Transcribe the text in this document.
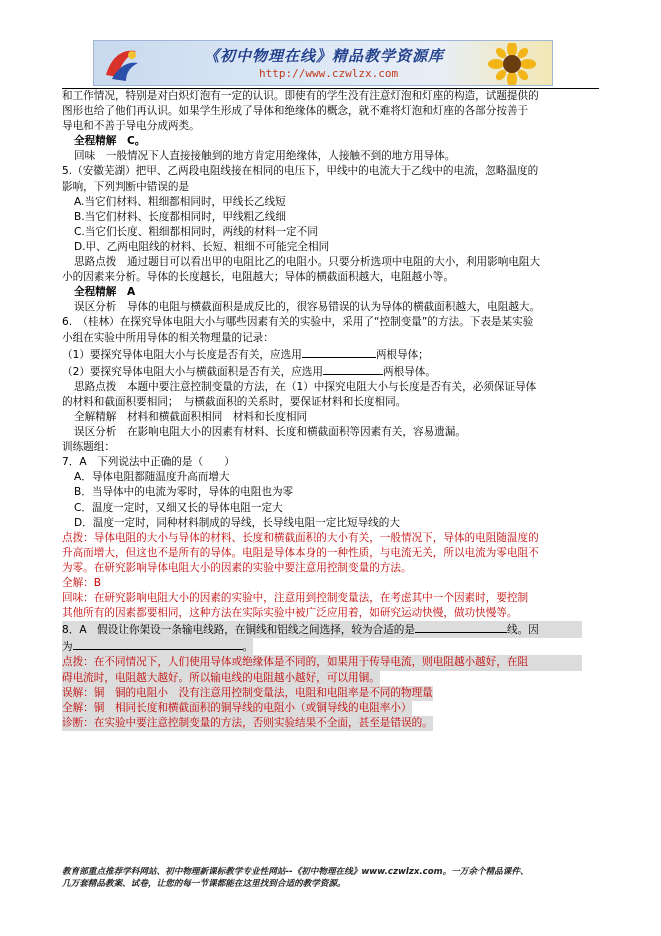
《初中物理在线》精品教学资源库
http://www.czwlzx.com

和工作情况，特别是对白炽灯泡有一定的认识。即使有的学生没有注意灯泡和灯座的构造，试题提供的

图形也给了他们再认识。如果学生形成了导体和绝缘体的概念，就不难将灯泡和灯座的各部分按善于

导电和不善于导电分成两类。

全程精解　C。

回味　一般情况下人直接接触到的地方肯定用绝缘体，人接触不到的地方用导体。

5.（安徽芜湖）把甲、乙两段电阻线接在相同的电压下，甲线中的电流大于乙线中的电流，忽略温度的

影响，下列判断中错误的是

A.当它们材料、粗细都相同时，甲线长乙线短

B.当它们材料、长度都相同时，甲线粗乙线细

C.当它们长度、粗细都相同时，两线的材料一定不同

D.甲、乙两电阻线的材料、长短、粗细不可能完全相同

思路点拨　通过题目可以看出甲的电阻比乙的电阻小。只要分析选项中电阻的大小，利用影响电阻大

小的因素来分析。导体的长度越长，电阻越大；导体的横截面积越大，电阻越小等。

全程精解　A

误区分析　导体的电阻与横截面积是成反比的，很容易错误的认为导体的横截面积越大，电阻越大。

6.　（桂林）在探究导体电阻大小与哪些因素有关的实验中，采用了“控制变量”的方法。下表是某实验

小组在实验中所用导体的相关物理量的记录：

（1）要探究导体电阻大小与长度是否有关，应选用	两根导体；

（2）要探究导体电阻大小与横截面积是否有关，应选用	两根导体。

思路点拨　本题中要注意控制变量的方法，在（1）中探究电阻大小与长度是否有关，必须保证导体

的材料和截面积要相同；　与横截面积的关系时，要保证材料和长度相同。

全解精解　材料和横截面积相同　材料和长度相同

误区分析　在影响电阻大小的因素有材料、长度和横截面积等因素有关，容易遗漏。

训练题组：

7．A　下列说法中正确的是（　　）

A．导体电阻都随温度升高而增大

B．当导体中的电流为零时，导体的电阻也为零

C．温度一定时，又细又长的导体电阻一定大

D．温度一定时，同种材料制成的导线，长导线电阻一定比短导线的大

点拨：导体电阻的大小与导体的材料、长度和横截面积的大小有关，一般情况下，导体的电阻随温度的

升高而增大，但这也不是所有的导体。电阻是导体本身的一种性质，与电流无关，所以电流为零电阻不

为零。在研究影响导体电阻大小的因素的实验中要注意用控制变量的方法。

全解：B

回味：在研究影响电阻大小的因素的实验中，注意用到控制变量法，在考虑其中一个因素时，要控制

其他所有的因素都要相同，这种方法在实际实验中被广泛应用着，如研究运动快慢，做功快慢等。

8．A　假设让你架设一条输电线路，在铜线和铝线之间选择，较为合适的是	线。因

为	。

点拨：在不同情况下，人们使用导体或绝缘体是不同的，如果用于传导电流，则电阻越小越好，在阻

碍电流时，电阻越大越好。所以输电线的电阻越小越好，可以用铜。

误解：铜　铜的电阻小　没有注意用控制变量法，电阻和电阻率是不同的物理量

全解：铜　相同长度和横截面积的铜导线的电阻小（或铜导线的电阻率小）

诊断：在实验中要注意控制变量的方法，否则实验结果不全面，甚至是错误的。

教育部重点推荐学科网站、初中物理新课标教学专业性网站--《初中物理在线》www.czwlzx.com。一万余个精品课件、
几万套精品教案、试卷，让您的每一节课都能在这里找到合适的教学资源。
